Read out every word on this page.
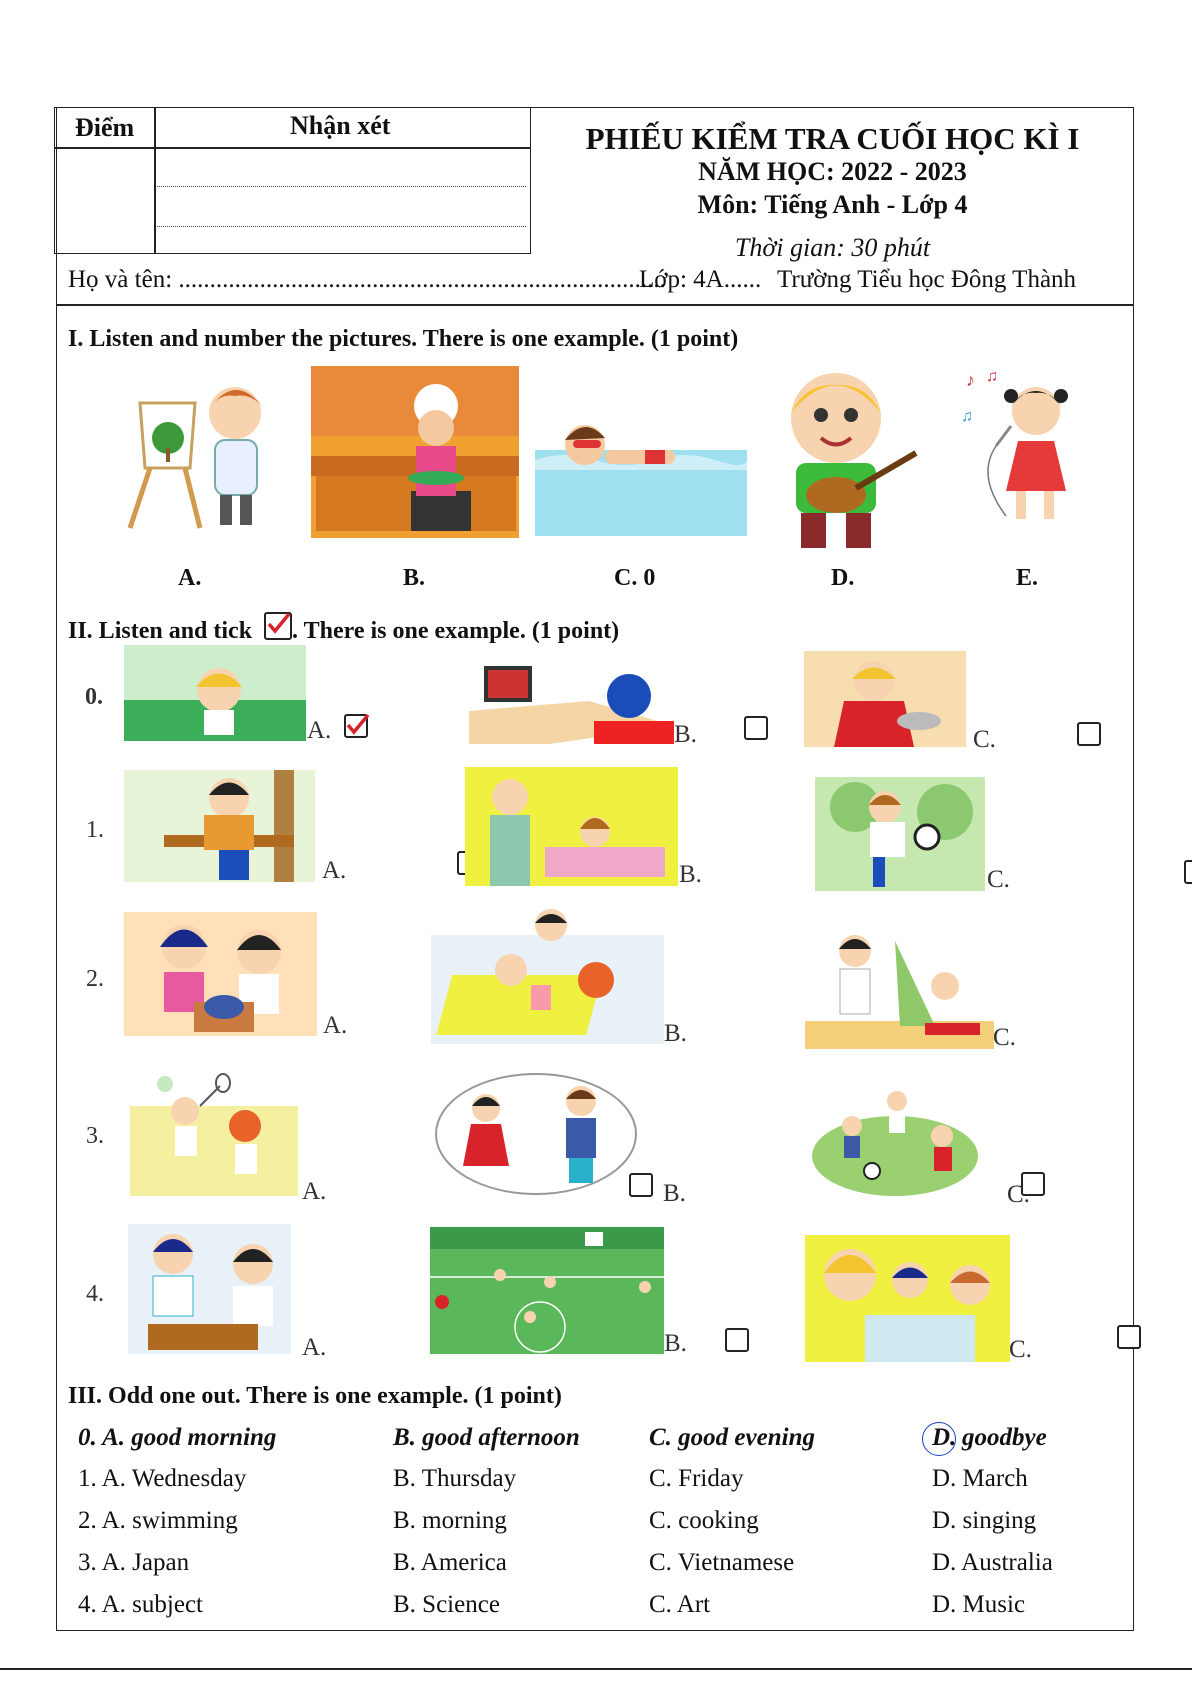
Điểm	Nhận xét	PHIẾU KIỂM TRA CUỐI HỌC KÌ I
NĂM HỌC: 2022 - 2023
Môn: Tiếng Anh - Lớp 4
Thời gian: 30 phút
Họ và tên: ..............................................................................
Lớp: 4A...... Trường Tiểu học Đông Thành
I. Listen and number the pictures. There is one example. (1 point)
♪ ♫
♫
A.	B.	C. 0	D.	E.
II. Listen and tick . There is one example. (1 point)
0.
A.
	B.
	C.

1.
A.
	B.
	C.

2.
A.
	B.
	C.

3.
A.
	B.
	C.

4.
A.
	B.
	C.
III. Odd one out. There is one example. (1 point)
0. A. good morning	B. good afternoon	C. good evening	D. goodbye
1. A. Wednesday	B. Thursday	C. Friday	D. March
2. A. swimming	B. morning	C. cooking	D. singing
3. A. Japan	B. America	C. Vietnamese	D. Australia
4. A. subject	B. Science	C. Art	D. Music
